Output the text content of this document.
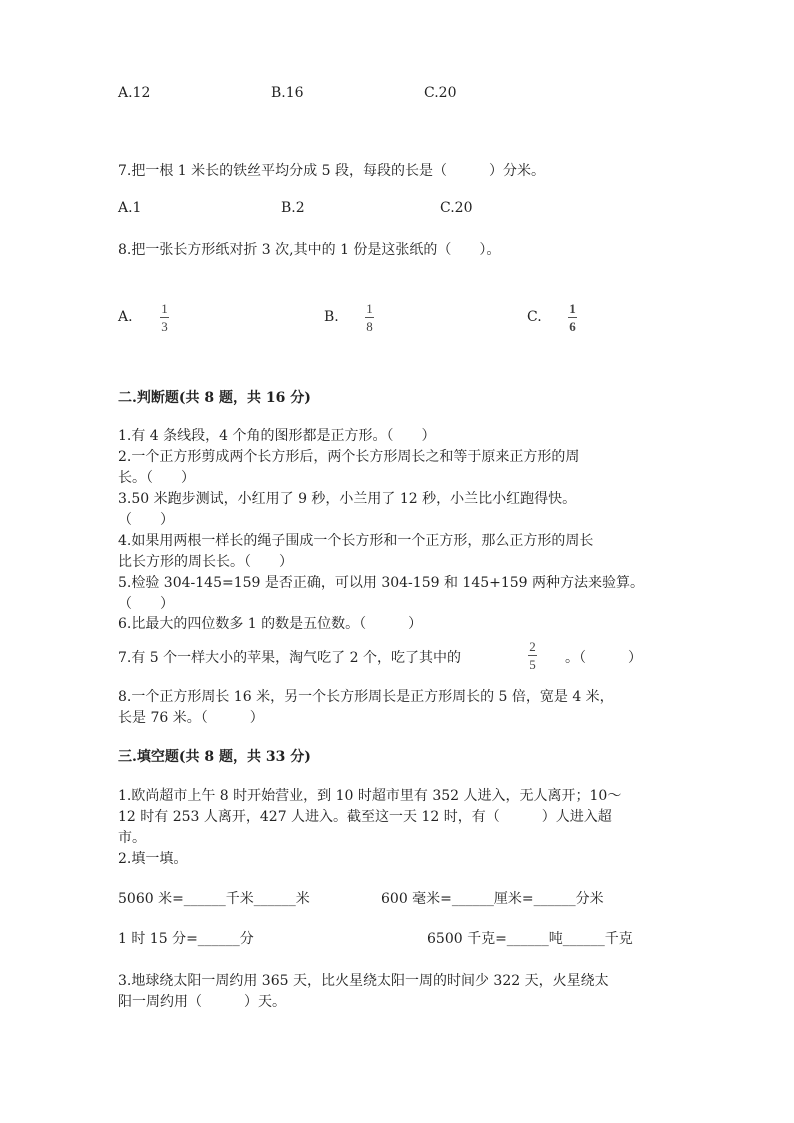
A.12	B.16	C.20
7.把一根 1 米长的铁丝平均分成 5 段，每段的长是（　　　）分米。
A.1	B.2	C.20
8.把一张长方形纸对折 3 次,其中的 1 份是这张纸的（　　）。
A.
1
3
B.
1
8
C.
1
6
二.判断题(共 8 题，共 16 分)
1.有 4 条线段，4 个角的图形都是正方形。（　　）
2.一个正方形剪成两个长方形后，两个长方形周长之和等于原来正方形的周
长。（　　）
3.50 米跑步测试，小红用了 9 秒，小兰用了 12 秒，小兰比小红跑得快。
（　　）
4.如果用两根一样长的绳子围成一个长方形和一个正方形，那么正方形的周长
比长方形的周长长。（　　）
5.检验 304-145=159 是否正确，可以用 304-159 和 145+159 两种方法来验算。
（　　）
6.比最大的四位数多 1 的数是五位数。（　　　）
7.有 5 个一样大小的苹果，淘气吃了 2 个，吃了其中的
2
5 。（　　　）
8.一个正方形周长 16 米，另一个长方形周长是正方形周长的 5 倍，宽是 4 米，
长是 76 米。（　　　）
三.填空题(共 8 题，共 33 分)
1.欧尚超市上午 8 时开始营业，到 10 时超市里有 352 人进入，无人离开；10～
12 时有 253 人离开，427 人进入。截至这一天 12 时，有（　　　）人进入超
市。
2.填一填。
5060 米=______千米______米	600 毫米=______厘米=______分米
1 时 15 分=______分	6500 千克=______吨______千克
3.地球绕太阳一周约用 365 天，比火星绕太阳一周的时间少 322 天，火星绕太
阳一周约用（　　　）天。
